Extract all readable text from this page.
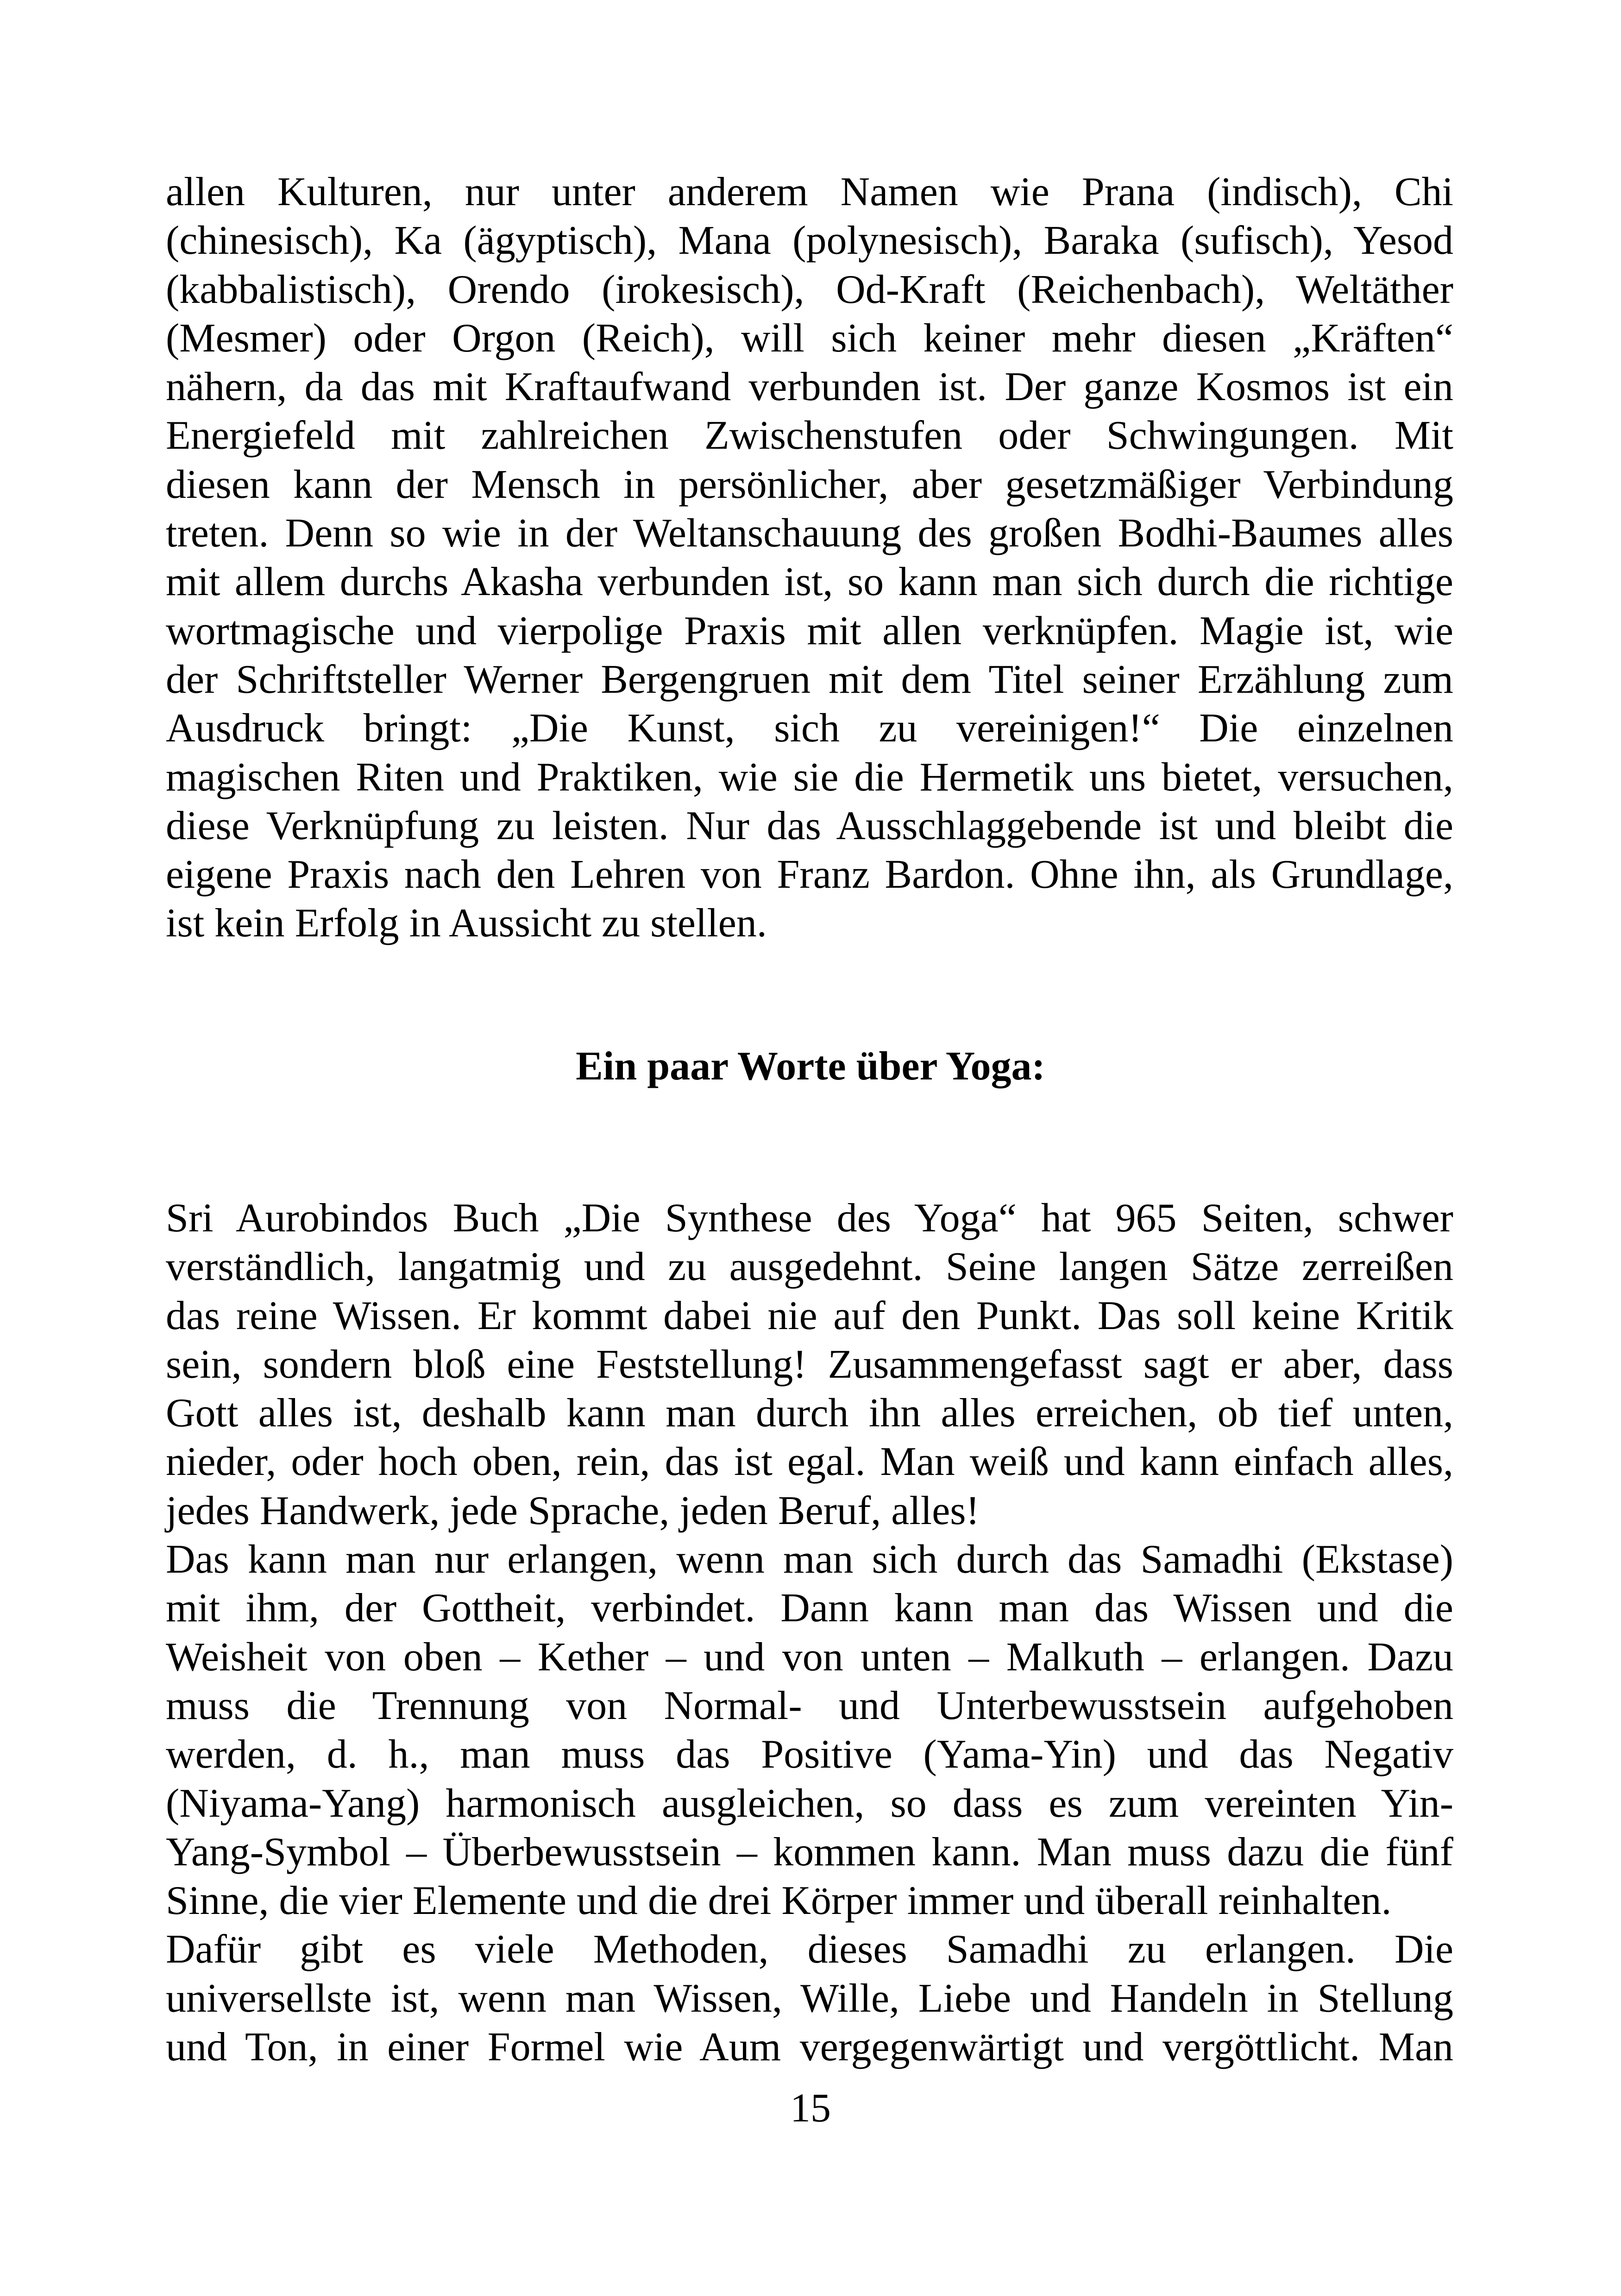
allen Kulturen, nur unter anderem Namen wie Prana (indisch), Chi
(chinesisch), Ka (ägyptisch), Mana (polynesisch), Baraka (sufisch), Yesod
(kabbalistisch), Orendo (irokesisch), Od-Kraft (Reichenbach), Weltäther
(Mesmer) oder Orgon (Reich), will sich keiner mehr diesen „Kräften“
nähern, da das mit Kraftaufwand verbunden ist. Der ganze Kosmos ist ein
Energiefeld mit zahlreichen Zwischenstufen oder Schwingungen. Mit
diesen kann der Mensch in persönlicher, aber gesetzmäßiger Verbindung
treten. Denn so wie in der Weltanschauung des großen Bodhi-Baumes alles
mit allem durchs Akasha verbunden ist, so kann man sich durch die richtige
wortmagische und vierpolige Praxis mit allen verknüpfen. Magie ist, wie
der Schriftsteller Werner Bergengruen mit dem Titel seiner Erzählung zum
Ausdruck bringt: „Die Kunst, sich zu vereinigen!“ Die einzelnen
magischen Riten und Praktiken, wie sie die Hermetik uns bietet, versuchen,
diese Verknüpfung zu leisten. Nur das Ausschlaggebende ist und bleibt die
eigene Praxis nach den Lehren von Franz Bardon. Ohne ihn, als Grundlage,
ist kein Erfolg in Aussicht zu stellen.
Ein paar Worte über Yoga:
Sri Aurobindos Buch „Die Synthese des Yoga“ hat 965 Seiten, schwer
verständlich, langatmig und zu ausgedehnt. Seine langen Sätze zerreißen
das reine Wissen. Er kommt dabei nie auf den Punkt. Das soll keine Kritik
sein, sondern bloß eine Feststellung! Zusammengefasst sagt er aber, dass
Gott alles ist, deshalb kann man durch ihn alles erreichen, ob tief unten,
nieder, oder hoch oben, rein, das ist egal. Man weiß und kann einfach alles,
jedes Handwerk, jede Sprache, jeden Beruf, alles!
Das kann man nur erlangen, wenn man sich durch das Samadhi (Ekstase)
mit ihm, der Gottheit, verbindet. Dann kann man das Wissen und die
Weisheit von oben – Kether – und von unten – Malkuth – erlangen. Dazu
muss die Trennung von Normal- und Unterbewusstsein aufgehoben
werden, d. h., man muss das Positive (Yama-Yin) und das Negativ
(Niyama-Yang) harmonisch ausgleichen, so dass es zum vereinten Yin-
Yang-Symbol – Überbewusstsein – kommen kann. Man muss dazu die fünf
Sinne, die vier Elemente und die drei Körper immer und überall reinhalten.
Dafür gibt es viele Methoden, dieses Samadhi zu erlangen. Die
universellste ist, wenn man Wissen, Wille, Liebe und Handeln in Stellung
und Ton, in einer Formel wie Aum vergegenwärtigt und vergöttlicht. Man
15
